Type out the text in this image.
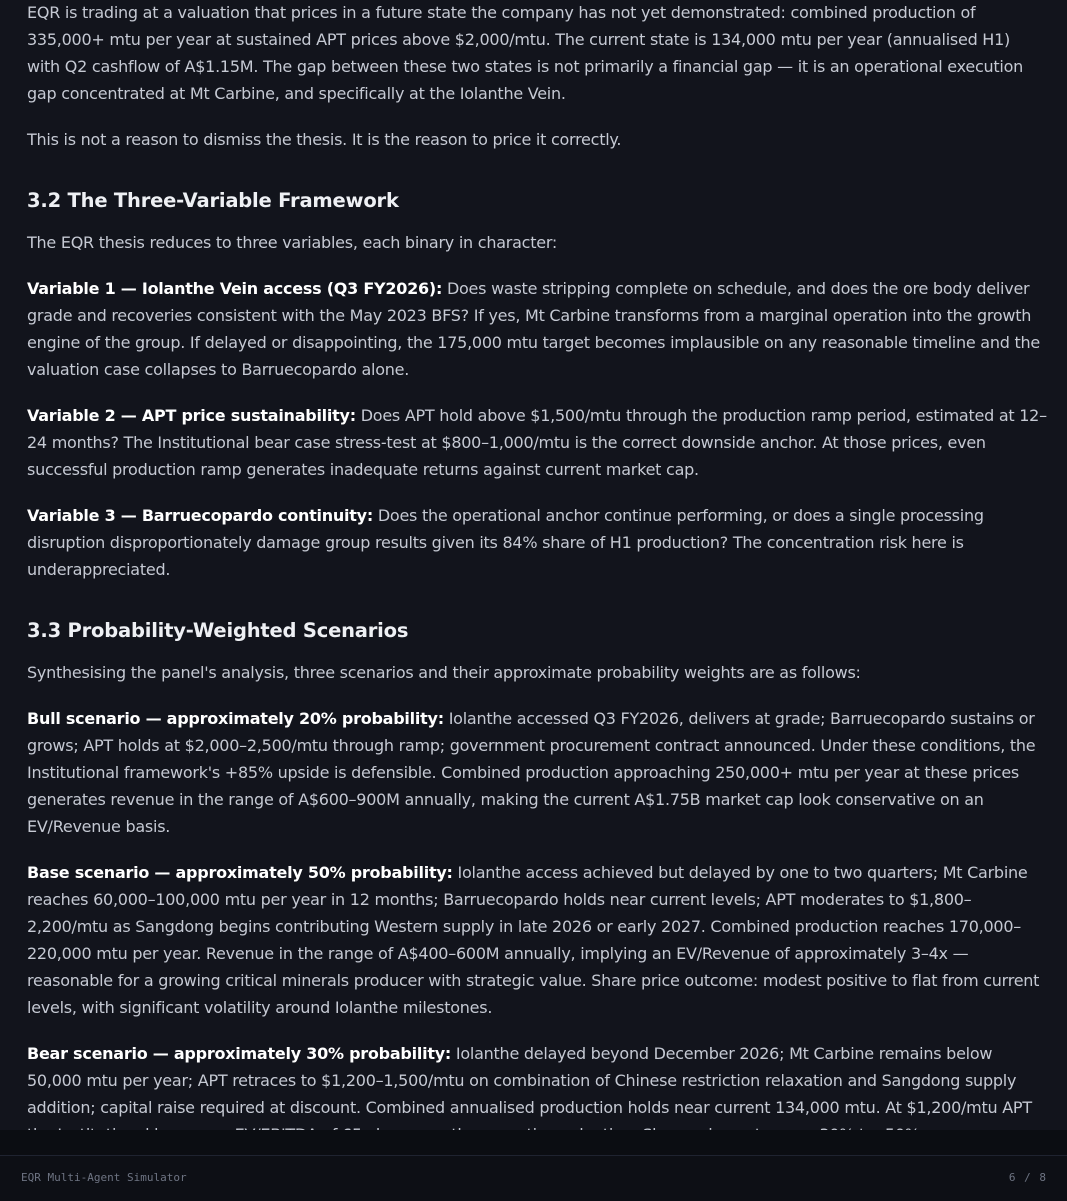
EQR is trading at a valuation that prices in a future state the company has not yet demonstrated: combined production of 335,000+ mtu per year at sustained APT prices above $2,000/mtu. The current state is 134,000 mtu per year (annualised H1) with Q2 cashflow of A$1.15M. The gap between these two states is not primarily a financial gap — it is an operational execution gap concentrated at Mt Carbine, and specifically at the Iolanthe Vein.

This is not a reason to dismiss the thesis. It is the reason to price it correctly.

3.2 The Three-Variable Framework

The EQR thesis reduces to three variables, each binary in character:

Variable 1 — Iolanthe Vein access (Q3 FY2026): Does waste stripping complete on schedule, and does the ore body deliver grade and recoveries consistent with the May 2023 BFS? If yes, Mt Carbine transforms from a marginal operation into the growth engine of the group. If delayed or disappointing, the 175,000 mtu target becomes implausible on any reasonable timeline and the valuation case collapses to Barruecopardo alone.

Variable 2 — APT price sustainability: Does APT hold above $1,500/mtu through the production ramp period, estimated at 12–24 months? The Institutional bear case stress-test at $800–1,000/mtu is the correct downside anchor. At those prices, even successful production ramp generates inadequate returns against current market cap.

Variable 3 — Barruecopardo continuity: Does the operational anchor continue performing, or does a single processing disruption disproportionately damage group results given its 84% share of H1 production? The concentration risk here is underappreciated.

3.3 Probability-Weighted Scenarios

Synthesising the panel's analysis, three scenarios and their approximate probability weights are as follows:

Bull scenario — approximately 20% probability: Iolanthe accessed Q3 FY2026, delivers at grade; Barruecopardo sustains or grows; APT holds at $2,000–2,500/mtu through ramp; government procurement contract announced. Under these conditions, the Institutional framework's +85% upside is defensible. Combined production approaching 250,000+ mtu per year at these prices generates revenue in the range of A$600–900M annually, making the current A$1.75B market cap look conservative on an EV/Revenue basis.

Base scenario — approximately 50% probability: Iolanthe access achieved but delayed by one to two quarters; Mt Carbine reaches 60,000–100,000 mtu per year in 12 months; Barruecopardo holds near current levels; APT moderates to $1,800–2,200/mtu as Sangdong begins contributing Western supply in late 2026 or early 2027. Combined production reaches 170,000–220,000 mtu per year. Revenue in the range of A$400–600M annually, implying an EV/Revenue of approximately 3–4x — reasonable for a growing critical minerals producer with strategic value. Share price outcome: modest positive to flat from current levels, with significant volatility around Iolanthe milestones.

Bear scenario — approximately 30% probability: Iolanthe delayed beyond December 2026; Mt Carbine remains below 50,000 mtu per year; APT retraces to $1,200–1,500/mtu on combination of Chinese restriction relaxation and Sangdong supply addition; capital raise required at discount. Combined annualised production holds near current 134,000 mtu. At $1,200/mtu APT

EQR Multi-Agent Simulator	6 / 8
